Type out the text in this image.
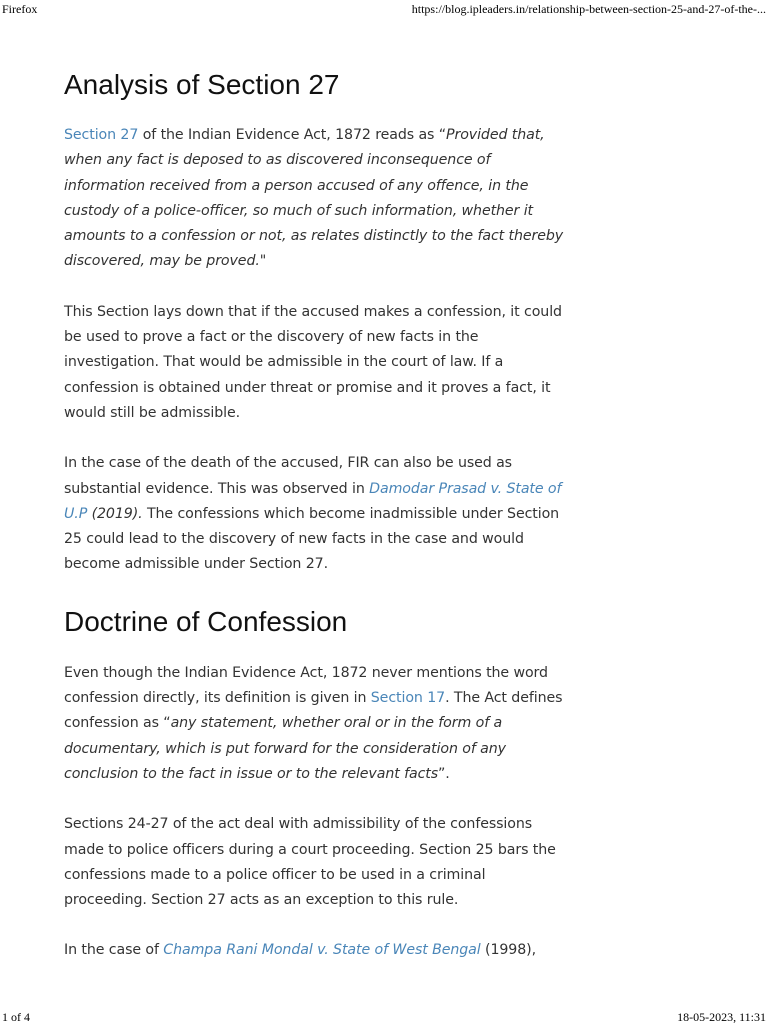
Firefox	https://blog.ipleaders.in/relationship-between-section-25-and-27-of-the-...
Analysis of Section 27

Section 27 of the Indian Evidence Act, 1872 reads as “Provided that, when any fact is deposed to as discovered inconsequence of information received from a person accused of any offence, in the custody of a police-officer, so much of such information, whether it amounts to a confession or not, as relates distinctly to the fact thereby discovered, may be proved."

This Section lays down that if the accused makes a confession, it could be used to prove a fact or the discovery of new facts in the investigation. That would be admissible in the court of law. If a confession is obtained under threat or promise and it proves a fact, it would still be admissible.

In the case of the death of the accused, FIR can also be used as substantial evidence. This was observed in Damodar Prasad v. State of U.P (2019). The confessions which become inadmissible under Section 25 could lead to the discovery of new facts in the case and would become admissible under Section 27.

Doctrine of Confession

Even though the Indian Evidence Act, 1872 never mentions the word confession directly, its definition is given in Section 17. The Act defines confession as “any statement, whether oral or in the form of a documentary, which is put forward for the consideration of any conclusion to the fact in issue or to the relevant facts”.

Sections 24-27 of the act deal with admissibility of the confessions made to police officers during a court proceeding. Section 25 bars the confessions made to a police officer to be used in a criminal proceeding. Section 27 acts as an exception to this rule.

In the case of Champa Rani Mondal v. State of West Bengal (1998),

1 of 4	18-05-2023, 11:31
